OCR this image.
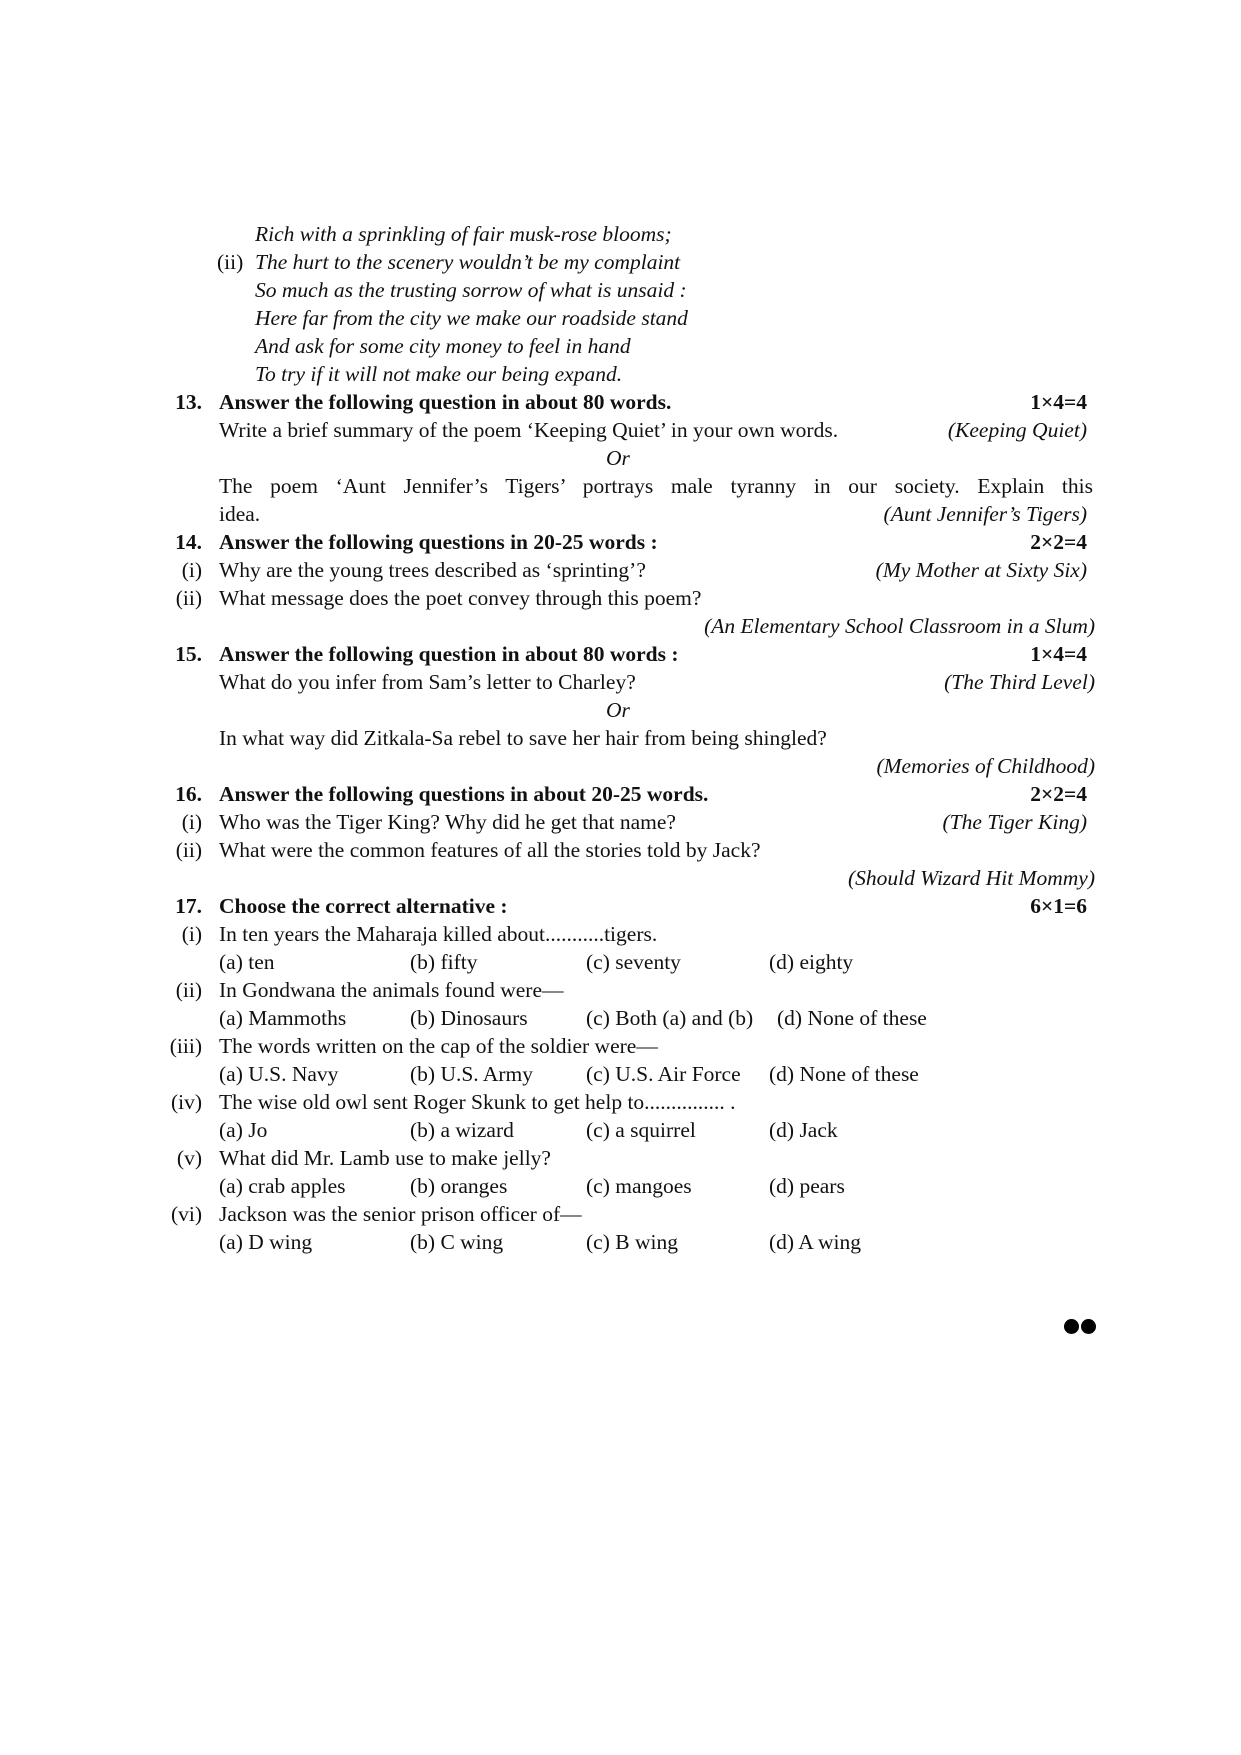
Rich with a sprinkling of fair musk-rose blooms;
(ii) The hurt to the scenery wouldn’t be my complaint
So much as the trusting sorrow of what is unsaid :
Here far from the city we make our roadside stand
And ask for some city money to feel in hand
To try if it will not make our being expand.
13. Answer the following question in about 80 words.	1×4=4
Write a brief summary of the poem ‘Keeping Quiet’ in your own words.	(Keeping Quiet)
Or
The poem ‘Aunt Jennifer’s Tigers’ portrays male tyranny in our society. Explain this
idea.	(Aunt Jennifer’s Tigers)
14. Answer the following questions in 20-25 words :	2×2=4
(i) Why are the young trees described as ‘sprinting’?	(My Mother at Sixty Six)
(ii) What message does the poet convey through this poem?
(An Elementary School Classroom in a Slum)
15. Answer the following question in about 80 words :	1×4=4
What do you infer from Sam’s letter to Charley?	(The Third Level)
Or
In what way did Zitkala-Sa rebel to save her hair from being shingled?
(Memories of Childhood)
16. Answer the following questions in about 20-25 words.	2×2=4
(i) Who was the Tiger King? Why did he get that name?	(The Tiger King)
(ii) What were the common features of all the stories told by Jack?
(Should Wizard Hit Mommy)
17. Choose the correct alternative :	6×1=6
(i) In ten years the Maharaja killed about...........tigers.
(a) ten	(b) fifty	(c) seventy	(d) eighty
(ii) In Gondwana the animals found were—
(a) Mammoths	(b) Dinosaurs	(c) Both (a) and (b) (d) None of these
(iii) The words written on the cap of the soldier were—
(a) U.S. Navy	(b) U.S. Army (c) U.S. Air Force (d) None of these
(iv) The wise old owl sent Roger Skunk to get help to............... .
(a) Jo	(b) a wizard	(c) a squirrel	(d) Jack
(v) What did Mr. Lamb use to make jelly?
(a) crab apples	(b) oranges	(c) mangoes	(d) pears
(vi) Jackson was the senior prison officer of—
(a) D wing	(b) C wing	(c) B wing	(d) A wing
